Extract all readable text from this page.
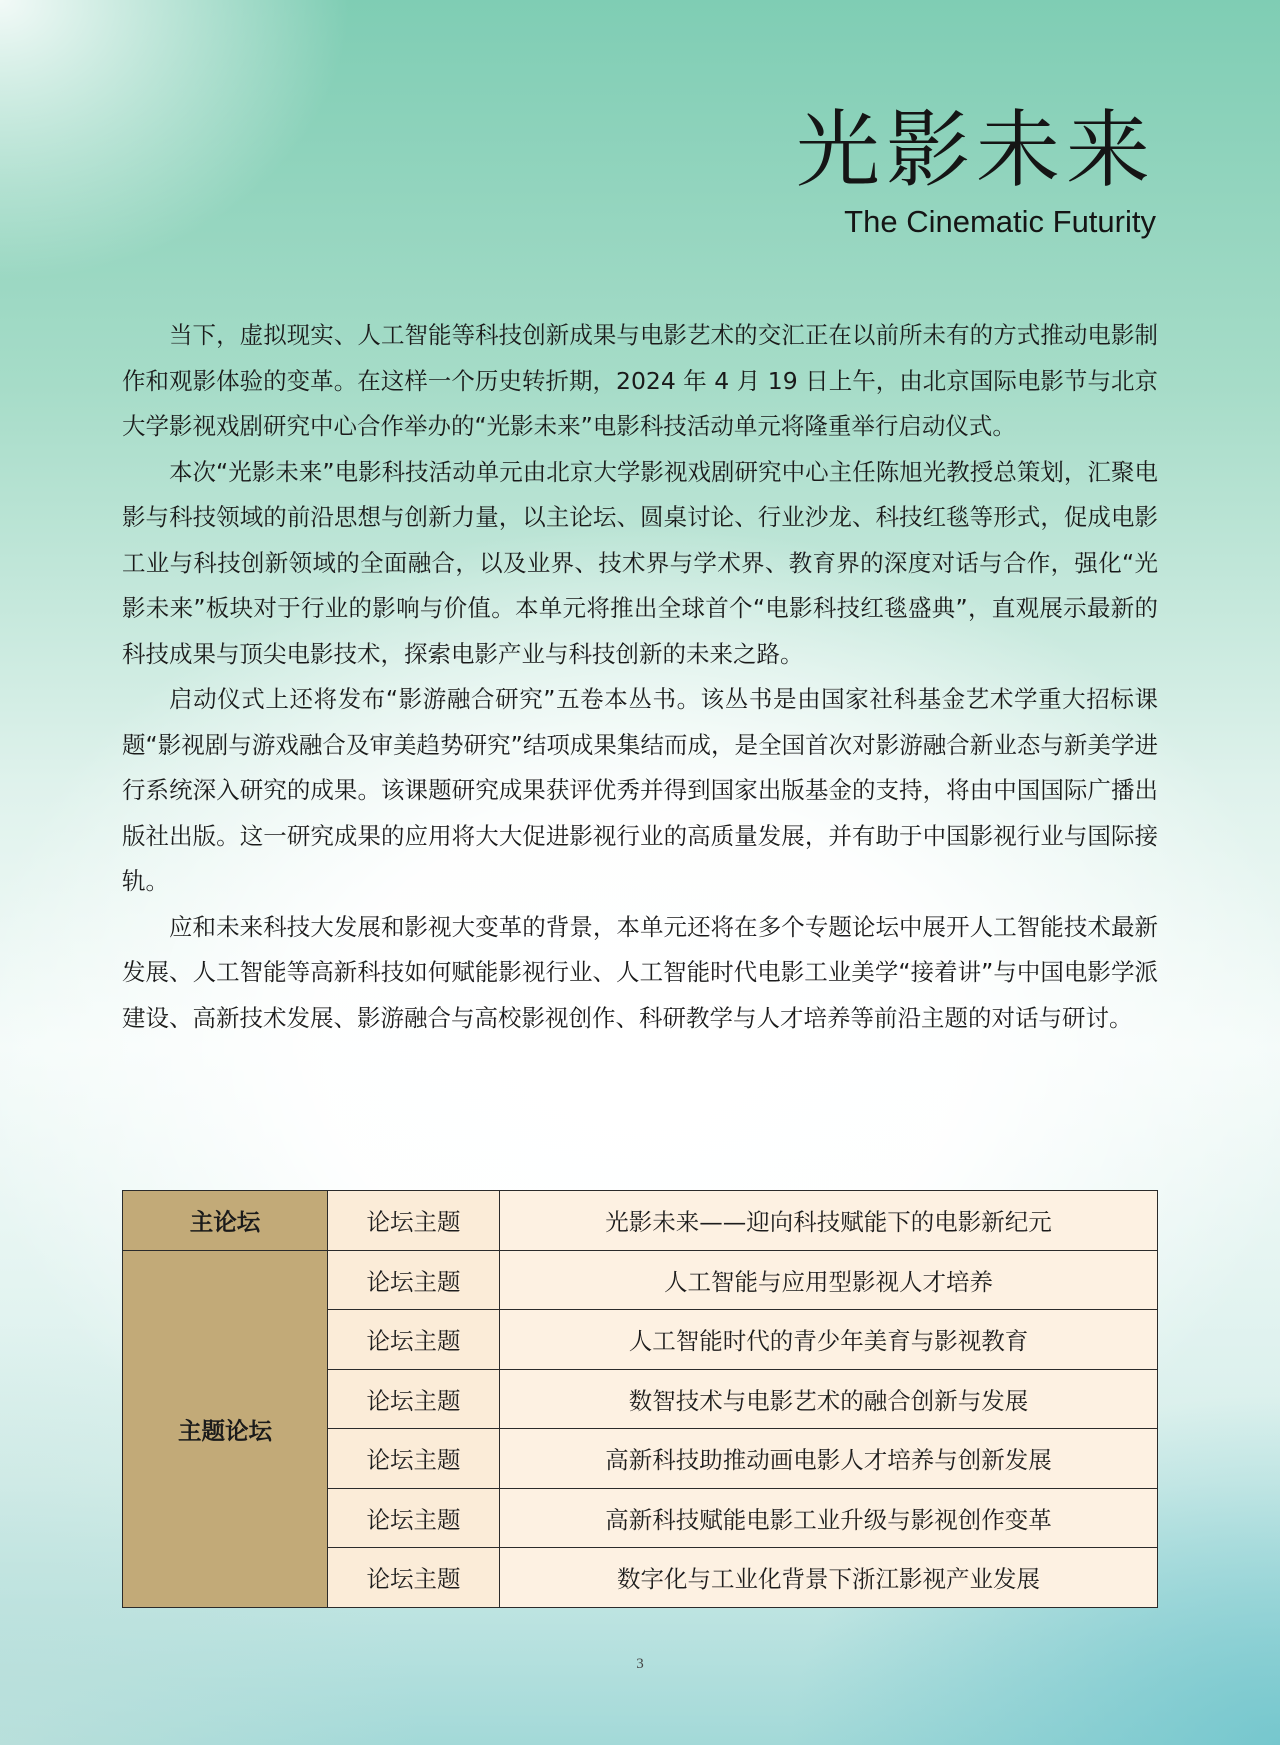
光影未来
The Cinematic Futurity

当下，虚拟现实、人工智能等科技创新成果与电影艺术的交汇正在以前所未有的方式推动电影制作和观影体验的变革。在这样一个历史转折期，2024 年 4 月 19 日上午，由北京国际电影节与北京大学影视戏剧研究中心合作举办的“光影未来”电影科技活动单元将隆重举行启动仪式。

本次“光影未来”电影科技活动单元由北京大学影视戏剧研究中心主任陈旭光教授总策划，汇聚电影与科技领域的前沿思想与创新力量，以主论坛、圆桌讨论、行业沙龙、科技红毯等形式，促成电影工业与科技创新领域的全面融合，以及业界、技术界与学术界、教育界的深度对话与合作，强化“光影未来”板块对于行业的影响与价值。本单元将推出全球首个“电影科技红毯盛典”，直观展示最新的科技成果与顶尖电影技术，探索电影产业与科技创新的未来之路。

启动仪式上还将发布“影游融合研究”五卷本丛书。该丛书是由国家社科基金艺术学重大招标课题“影视剧与游戏融合及审美趋势研究”结项成果集结而成，是全国首次对影游融合新业态与新美学进行系统深入研究的成果。该课题研究成果获评优秀并得到国家出版基金的支持，将由中国国际广播出版社出版。这一研究成果的应用将大大促进影视行业的高质量发展，并有助于中国影视行业与国际接轨。

应和未来科技大发展和影视大变革的背景，本单元还将在多个专题论坛中展开人工智能技术最新发展、人工智能等高新科技如何赋能影视行业、人工智能时代电影工业美学“接着讲”与中国电影学派建设、高新技术发展、影游融合与高校影视创作、科研教学与人才培养等前沿主题的对话与研讨。

主论坛	论坛主题	光影未来——迎向科技赋能下的电影新纪元
主题论坛	论坛主题	人工智能与应用型影视人才培养
	论坛主题	人工智能时代的青少年美育与影视教育
	论坛主题	数智技术与电影艺术的融合创新与发展
	论坛主题	高新科技助推动画电影人才培养与创新发展
	论坛主题	高新科技赋能电影工业升级与影视创作变革
	论坛主题	数字化与工业化背景下浙江影视产业发展
3
